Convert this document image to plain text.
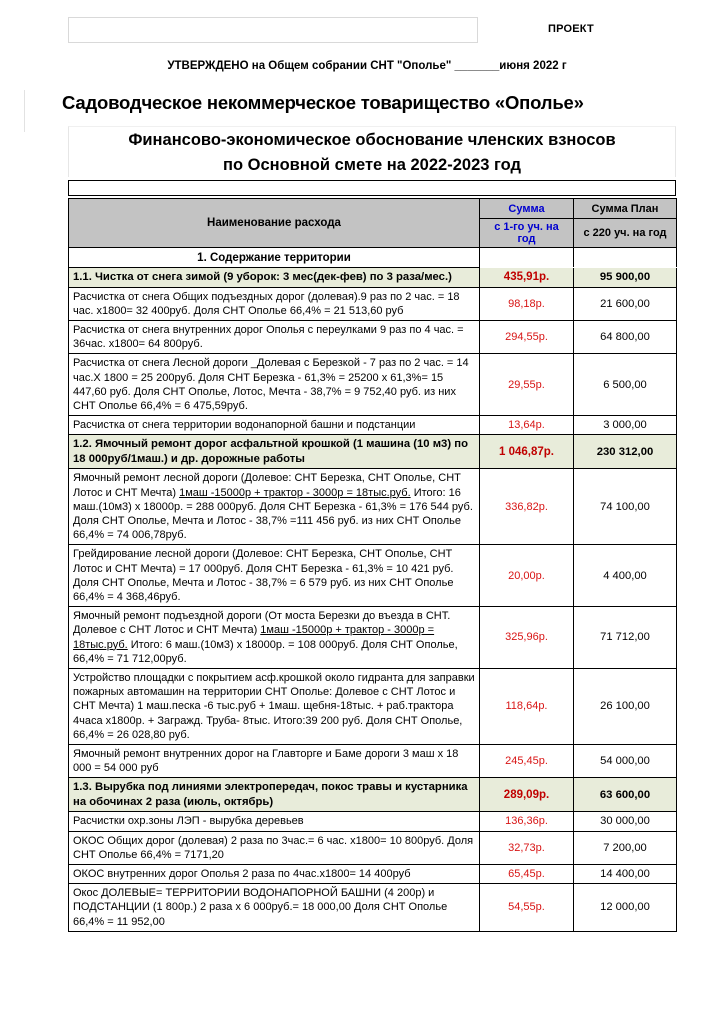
ПРОЕКТ
УТВЕРЖДЕНО на Общем собрании СНТ "Ополье" _______июня 2022 г
Садоводческое некоммерческое товарищество «Ополье»
Финансово-экономическое обоснование членских взносов
по Основной смете на 2022-2023 год
Наименование расхода	Сумма	Сумма План
	с 1-го уч. на год	с 220 уч. на год
1. Содержание территории		
1.1. Чистка от снега зимой (9 уборок: 3 мес(дек-фев) по 3 раза/мес.)	435,91р.	95 900,00
Расчистка от снега Общих подъездных дорог (долевая).9 раз по 2 час. = 18 час. х1800= 32 400руб. Доля СНТ Ополье 66,4% = 21 513,60 руб	98,18р.	21 600,00
Расчистка от снега внутренних дорог Ополья с переулками 9 раз по 4 час. = 36час. х1800= 64 800руб.	294,55р.	64 800,00
Расчистка от снега Лесной дороги _Долевая с Березкой - 7 раз по 2 час. = 14 час.Х 1800 = 25 200руб. Доля СНТ Березка - 61,3% = 25200 х 61,3%= 15 447,60 руб. Доля СНТ Ополье, Лотос, Мечта - 38,7% = 9 752,40 руб. из них СНТ Ополье 66,4% = 6 475,59руб.	29,55р.	6 500,00
Расчистка от снега территории водонапорной башни и подстанции	13,64р.	3 000,00
1.2. Ямочный ремонт дорог асфальтной крошкой (1 машина (10 м3) по 18 000руб/1маш.) и др. дорожные работы	1 046,87р.	230 312,00
Ямочный ремонт лесной дороги (Долевое: СНТ Березка, СНТ Ополье, СНТ Лотос и СНТ Мечта) 1маш -15000р + трактор - 3000р = 18тыс.руб. Итого: 16 маш.(10м3) х 18000р. = 288 000руб. Доля СНТ Березка - 61,3% = 176 544 руб. Доля СНТ Ополье, Мечта и Лотос - 38,7% =111 456 руб. из них СНТ Ополье 66,4% = 74 006,78руб.	336,82р.	74 100,00
Грейдирование лесной дороги (Долевое: СНТ Березка, СНТ Ополье, СНТ Лотос и СНТ Мечта) = 17 000руб. Доля СНТ Березка - 61,3% = 10 421 руб. Доля СНТ Ополье, Мечта и Лотос - 38,7% = 6 579 руб. из них СНТ Ополье 66,4% = 4 368,46руб.	20,00р.	4 400,00
Ямочный ремонт подъездной дороги (От моста Березки до въезда в СНТ. Долевое с СНТ Лотос и СНТ Мечта) 1маш -15000р + трактор - 3000р = 18тыс.руб. Итого: 6 маш.(10м3) х 18000р. = 108 000руб. Доля СНТ Ополье, 66,4% = 71 712,00руб.	325,96р.	71 712,00
Устройство площадки с покрытием асф.крошкой около гидранта для заправки пожарных автомашин на территории СНТ Ополье: Долевое с СНТ Лотос и СНТ Мечта) 1 маш.песка -6 тыс.руб + 1маш. щебня-18тыс. + раб.трактора 4часа х1800р. + Загражд. Труба- 8тыс. Итого:39 200 руб. Доля СНТ Ополье, 66,4% = 26 028,80 руб.	118,64р.	26 100,00
Ямочный ремонт внутренних дорог на Главторге и Баме дороги 3 маш х 18 000 = 54 000 руб	245,45р.	54 000,00
1.3. Вырубка под линиями электропередач, покос травы и кустарника на обочинах 2 раза (июль, октябрь)	289,09р.	63 600,00
Расчистки охр.зоны ЛЭП - вырубка деревьев	136,36р.	30 000,00
ОКОС Общих дорог (долевая) 2 раза по 3час.= 6 час. х1800= 10 800руб. Доля СНТ Ополье 66,4% = 7171,20	32,73р.	7 200,00
ОКОС внутренних дорог Ополья 2 раза по 4час.х1800= 14 400руб	65,45р.	14 400,00
Окос ДОЛЕВЫЕ= ТЕРРИТОРИИ ВОДОНАПОРНОЙ БАШНИ (4 200р) и ПОДСТАНЦИИ (1 800р.) 2 раза х 6 000руб.= 18 000,00 Доля СНТ Ополье 66,4% = 11 952,00	54,55р.	12 000,00
